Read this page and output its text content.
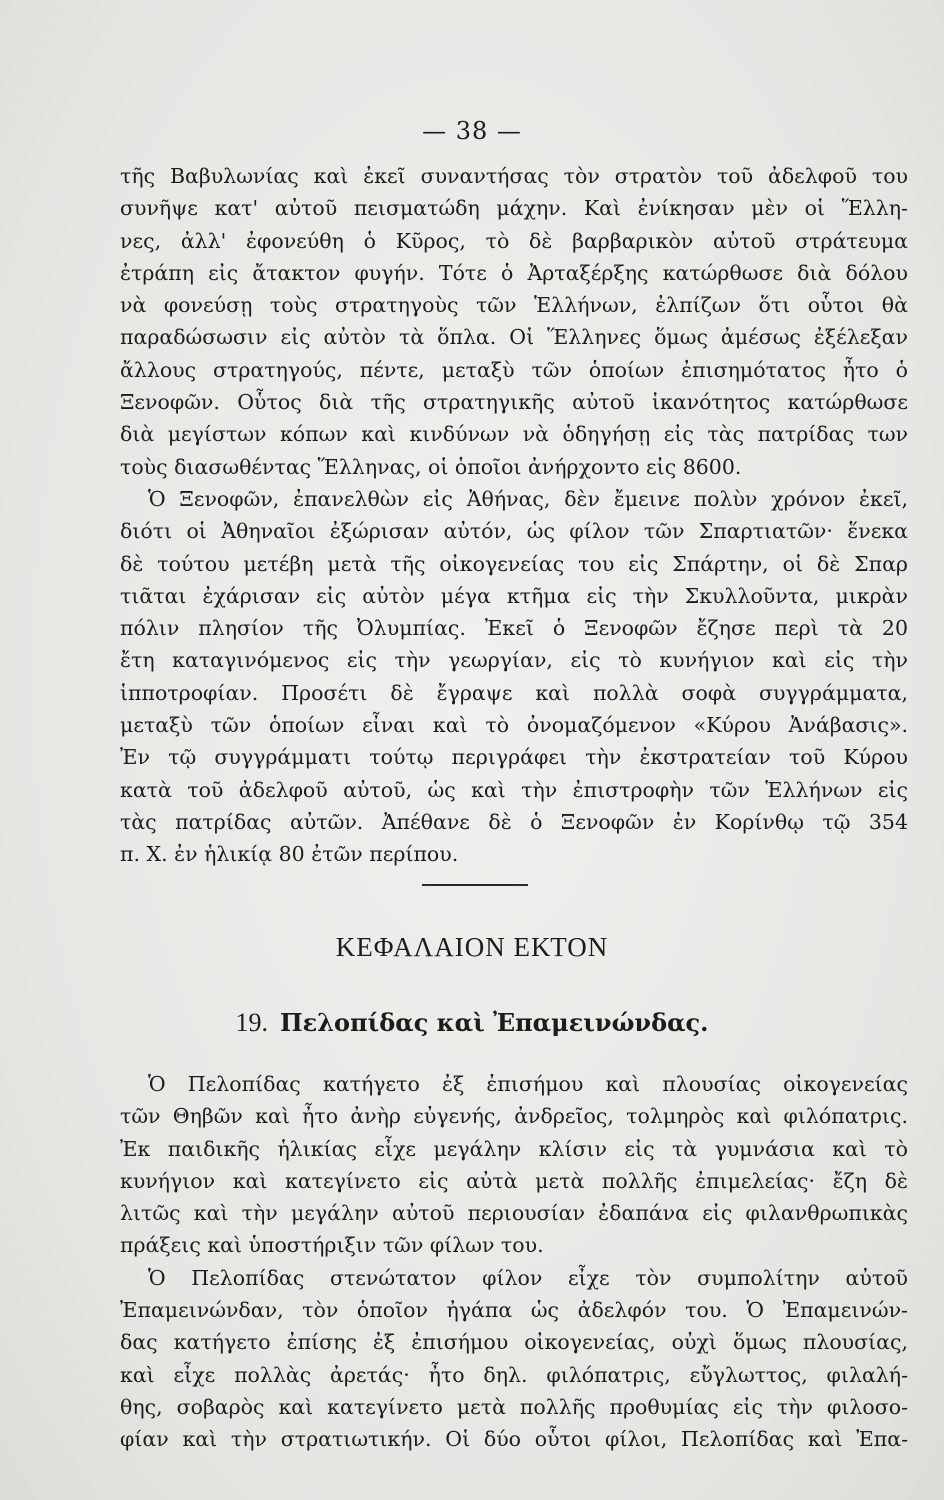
— 38 —
τῆς Βαβυλωνίας καὶ ἐκεῖ συναντήσας τὸν στρατὸν τοῦ ἀδελφοῦ του
συνῆψε κατ' αὐτοῦ πεισματώδη μάχην. Καὶ ἐνίκησαν μὲν οἱ Ἕλλη-
νες, ἀλλ' ἐφονεύθη ὁ Κῦρος, τὸ δὲ βαρβαρικὸν αὐτοῦ στράτευμα
ἐτράπη εἰς ἄτακτον φυγήν. Τότε ὁ Ἀρταξέρξης κατώρθωσε διὰ δόλου
νὰ φονεύσῃ τοὺς στρατηγοὺς τῶν Ἑλλήνων, ἐλπίζων ὅτι οὗτοι θὰ
παραδώσωσιν εἰς αὐτὸν τὰ ὅπλα. Οἱ Ἕλληνες ὅμως ἀμέσως ἐξέλεξαν
ἄλλους στρατηγούς, πέντε, μεταξὺ τῶν ὁποίων ἐπισημότατος ἦτο ὁ
Ξενοφῶν. Οὗτος διὰ τῆς στρατηγικῆς αὐτοῦ ἱκανότητος κατώρθωσε
διὰ μεγίστων κόπων καὶ κινδύνων νὰ ὁδηγήσῃ εἰς τὰς πατρίδας των
τοὺς διασωθέντας Ἕλληνας, οἱ ὁποῖοι ἀνήρχοντο εἰς 8600.
Ὁ Ξενοφῶν, ἐπανελθὼν εἰς Ἀθήνας, δὲν ἔμεινε πολὺν χρόνον ἐκεῖ,
διότι οἱ Ἀθηναῖοι ἐξώρισαν αὐτόν, ὡς φίλον τῶν Σπαρτιατῶν· ἕνεκα
δὲ τούτου μετέβη μετὰ τῆς οἰκογενείας του εἰς Σπάρτην, οἱ δὲ Σπαρ
τιᾶται ἐχάρισαν εἰς αὐτὸν μέγα κτῆμα εἰς τὴν Σκυλλοῦντα, μικρὰν
πόλιν πλησίον τῆς Ὀλυμπίας. Ἐκεῖ ὁ Ξενοφῶν ἔζησε περὶ τὰ 20
ἔτη καταγινόμενος εἰς τὴν γεωργίαν, εἰς τὸ κυνήγιον καὶ εἰς τὴν
ἱπποτροφίαν. Προσέτι δὲ ἔγραψε καὶ πολλὰ σοφὰ συγγράμματα,
μεταξὺ τῶν ὁποίων εἶναι καὶ τὸ ὀνομαζόμενον «Κύρου Ἀνάβασις».
Ἐν τῷ συγγράμματι τούτῳ περιγράφει τὴν ἐκστρατείαν τοῦ Κύρου
κατὰ τοῦ ἀδελφοῦ αὐτοῦ, ὡς καὶ τὴν ἐπιστροφὴν τῶν Ἑλλήνων εἰς
τὰς πατρίδας αὐτῶν. Ἀπέθανε δὲ ὁ Ξενοφῶν ἐν Κορίνθῳ τῷ 354
π. Χ. ἐν ἡλικίᾳ 80 ἐτῶν περίπου.
ΚΕΦΑΛΑΙΟΝ ΕΚΤΟΝ
19. Πελοπίδας καὶ Ἐπαμεινώνδας.
Ὁ Πελοπίδας κατήγετο ἐξ ἐπισήμου καὶ πλουσίας οἰκογενείας
τῶν Θηβῶν καὶ ἦτο ἀνὴρ εὐγενής, ἀνδρεῖος, τολμηρὸς καὶ φιλόπατρις.
Ἐκ παιδικῆς ἡλικίας εἶχε μεγάλην κλίσιν εἰς τὰ γυμνάσια καὶ τὸ
κυνήγιον καὶ κατεγίνετο εἰς αὐτὰ μετὰ πολλῆς ἐπιμελείας· ἔζη δὲ
λιτῶς καὶ τὴν μεγάλην αὐτοῦ περιουσίαν ἐδαπάνα εἰς φιλανθρωπικὰς
πράξεις καὶ ὑποστήριξιν τῶν φίλων του.
Ὁ Πελοπίδας στενώτατον φίλον εἶχε τὸν συμπολίτην αὐτοῦ
Ἐπαμεινώνδαν, τὸν ὁποῖον ἠγάπα ὡς ἀδελφόν του. Ὁ Ἐπαμεινών-
δας κατήγετο ἐπίσης ἐξ ἐπισήμου οἰκογενείας, οὐχὶ ὅμως πλουσίας,
καὶ εἶχε πολλὰς ἀρετάς· ἦτο δηλ. φιλόπατρις, εὔγλωττος, φιλαλή-
θης, σοβαρὸς καὶ κατεγίνετο μετὰ πολλῆς προθυμίας εἰς τὴν φιλοσο-
φίαν καὶ τὴν στρατιωτικήν. Οἱ δύο οὗτοι φίλοι, Πελοπίδας καὶ Ἐπα-
